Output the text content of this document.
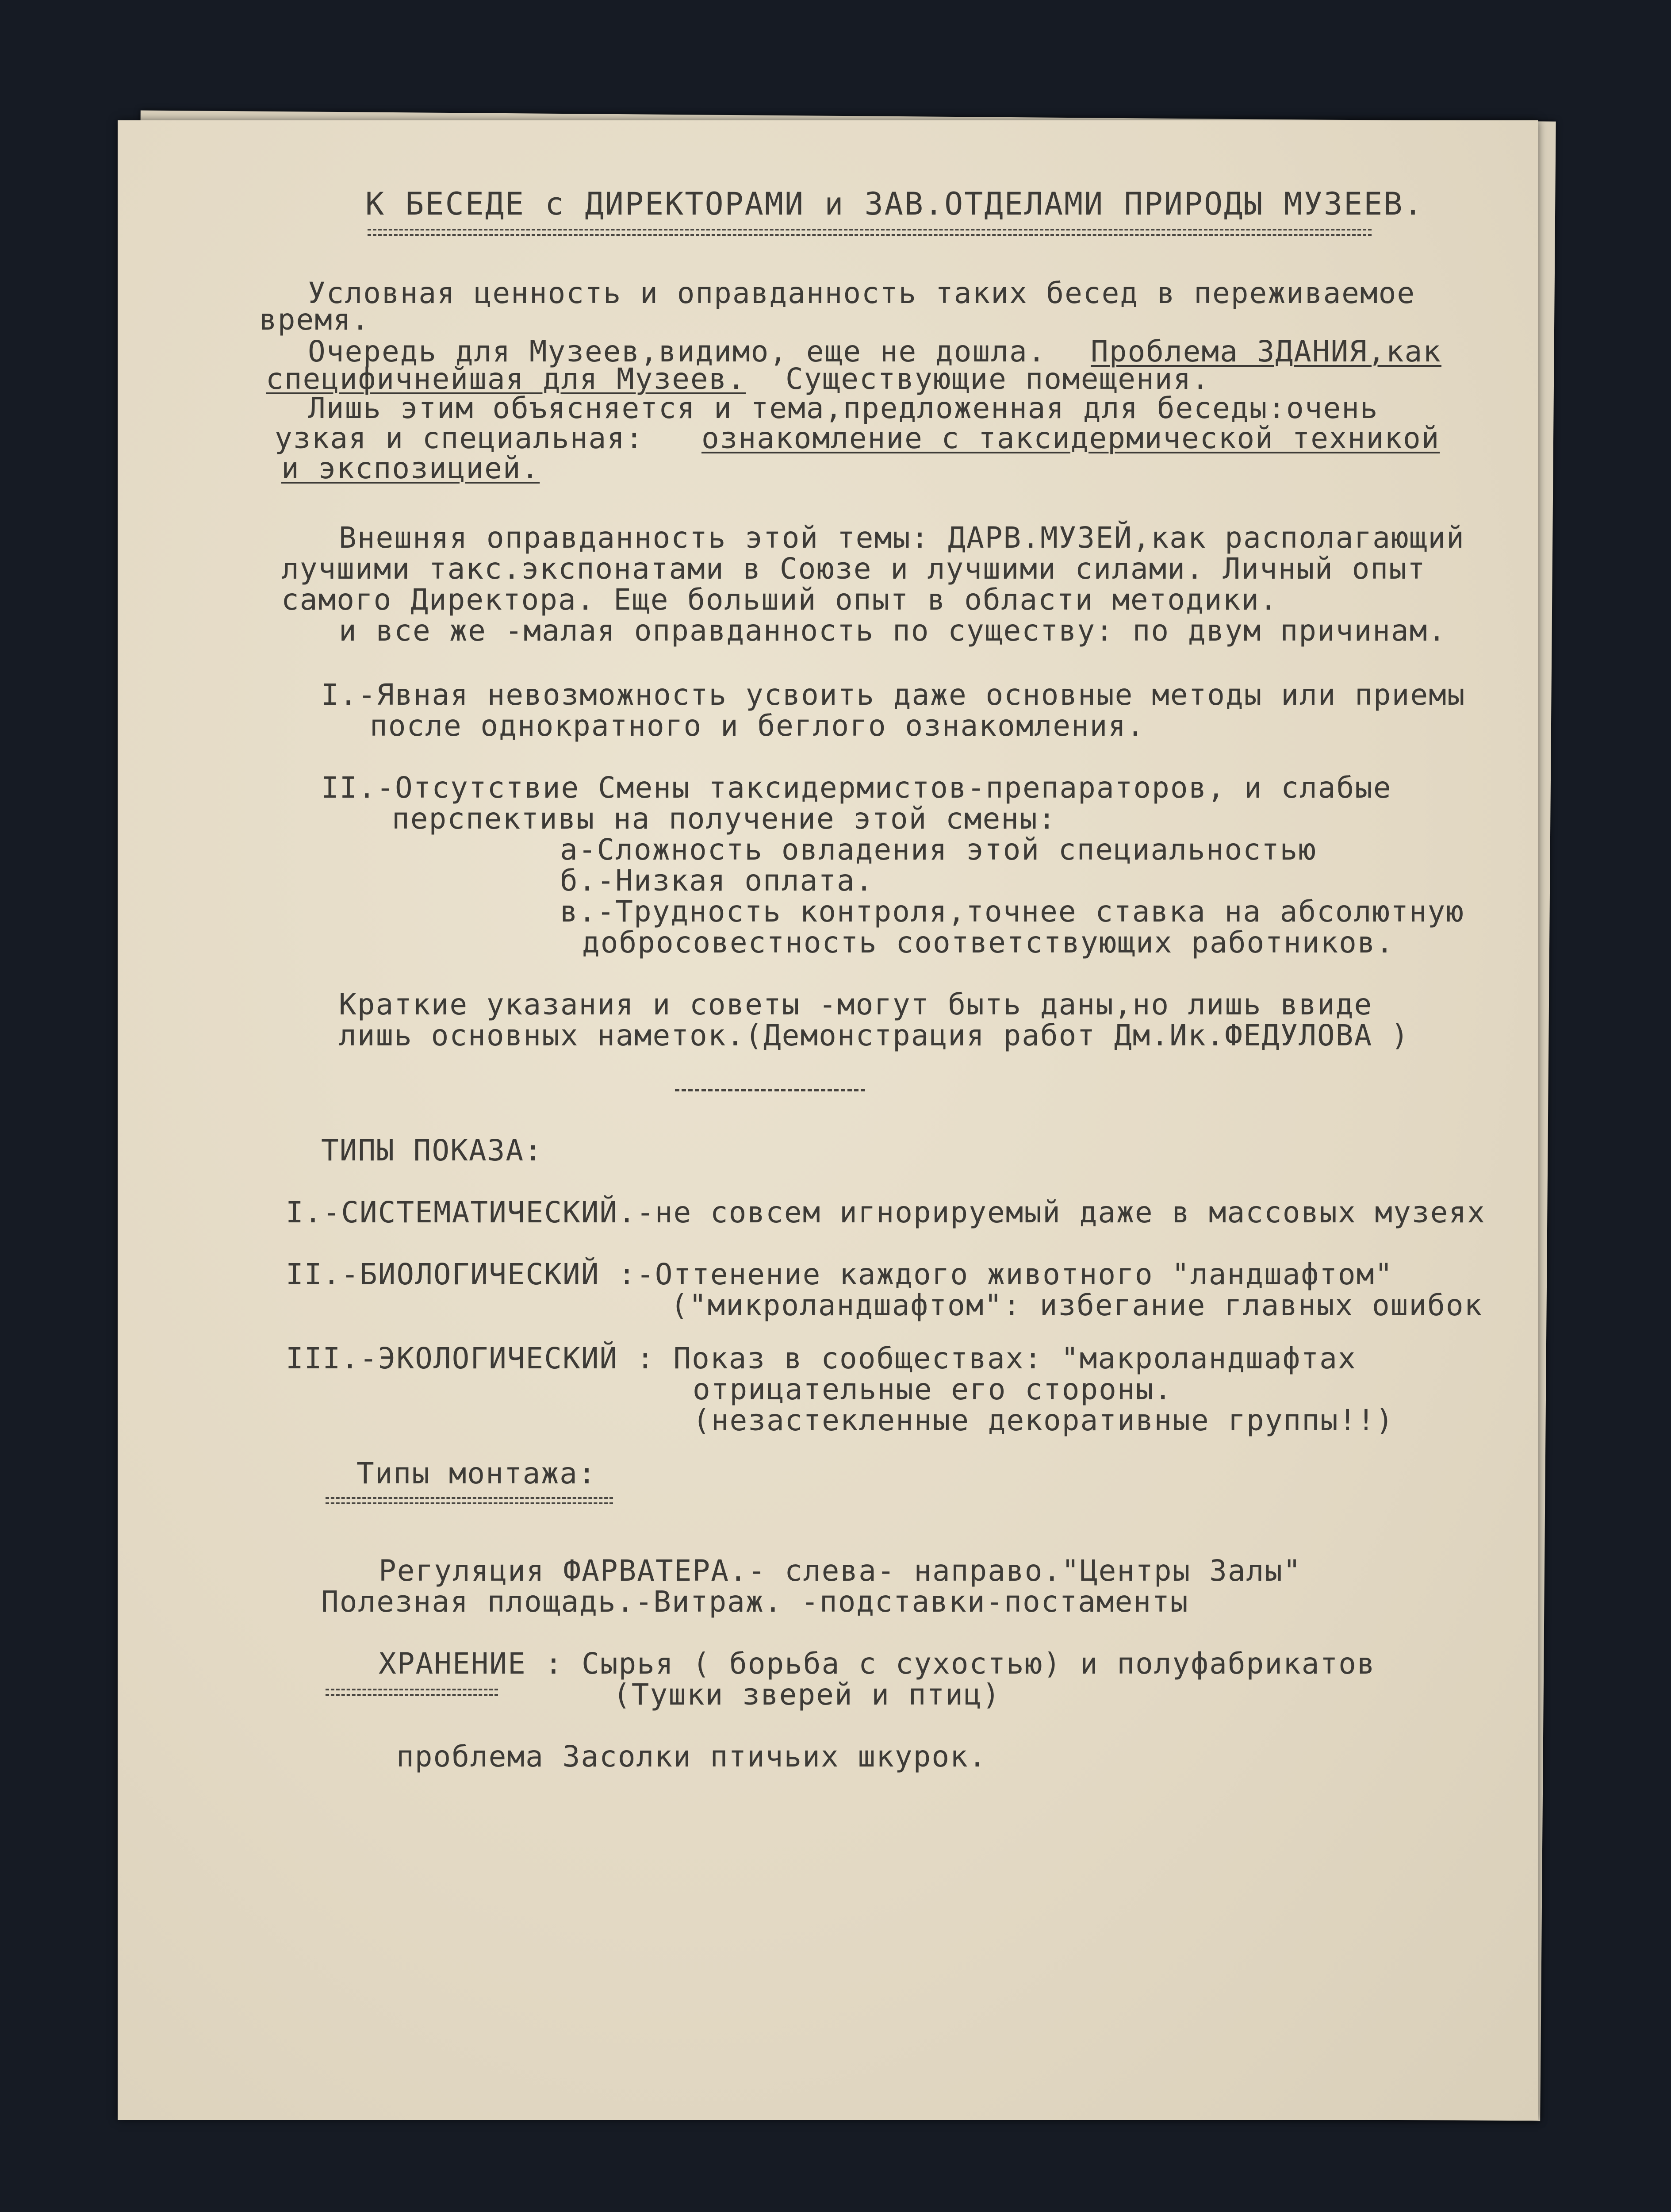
К БЕСЕДЕ с ДИРЕКТОРАМИ и ЗАВ.ОТДЕЛАМИ ПРИРОДЫ МУЗЕЕВ.

Условная ценность и оправданность таких бесед в переживаемое

время.

Очередь для Музеев,видимо, еще не дошла. Проблема ЗДАНИЯ,как

специфичнейшая для Музеев. Существующие помещения.

Лишь этим объясняется и тема,предложенная для беседы:очень

узкая и специальная: ознакомление с таксидермической техникой

и экспозицией.

Внешняя оправданность этой темы: ДАРВ.МУЗЕЙ,как располагающий

лучшими такс.экспонатами в Союзе и лучшими силами. Личный опыт

самого Директора. Еще больший опыт в области методики.

и все же -малая оправданность по существу: по двум причинам.

I.-Явная невозможность усвоить даже основные методы или приемы

после однократного и беглого ознакомления.

II.-Отсутствие Смены таксидермистов-препараторов, и слабые

перспективы на получение этой смены:

а-Сложность овладения этой специальностью

б.-Низкая оплата.

в.-Трудность контроля,точнее ставка на абсолютную

добросовестность соответствующих работников.

Краткие указания и советы -могут быть даны,но лишь ввиде

лишь основных наметок.(Демонстрация работ Дм.Ик.ФЕДУЛОВА )

ТИПЫ ПОКАЗА:

I.-СИСТЕМАТИЧЕСКИЙ.-не совсем игнорируемый даже в массовых музеях

II.-БИОЛОГИЧЕСКИЙ :-Оттенение каждого животного "ландшафтом"

("микроландшафтом": избегание главных ошибок

III.-ЭКОЛОГИЧЕСКИЙ : Показ в сообществах: "макроландшафтах

отрицательные его стороны.

(незастекленные декоративные группы!!)

Типы монтажа:

Регуляция ФАРВАТЕРА.- слева- направо."Центры Залы"

Полезная площадь.-Витраж. -подставки-постаменты

ХРАНЕНИЕ : Сырья ( борьба с сухостью) и полуфабрикатов

(Тушки зверей и птиц)

проблема Засолки птичьих шкурок.
